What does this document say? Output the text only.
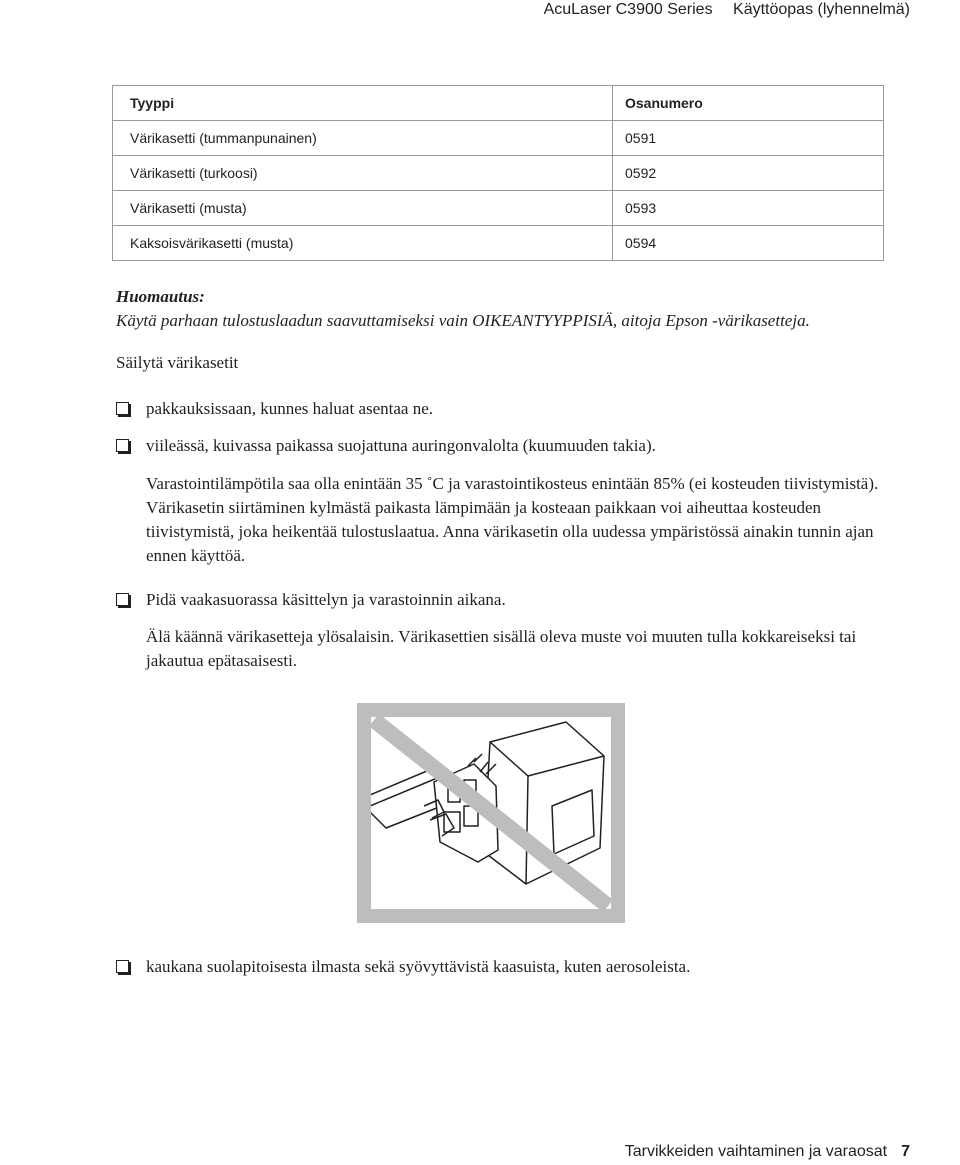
AcuLaser C3900 Series Käyttöopas (lyhennelmä)
Tyyppi	Osanumero
Värikasetti (tummanpunainen)	0591
Värikasetti (turkoosi)	0592
Värikasetti (musta)	0593
Kaksoisvärikasetti (musta)	0594
Huomautus:
Käytä parhaan tulostuslaadun saavuttamiseksi vain OIKEANTYYPPISIÄ, aitoja Epson -värikasetteja.
Säilytä värikasetit
pakkauksissaan, kunnes haluat asentaa ne.
viileässä, kuivassa paikassa suojattuna auringonvalolta (kuumuuden takia).
Varastointilämpötila saa olla enintään 35 ˚C ja varastointikosteus enintään 85% (ei kosteuden tiivistymistä). Värikasetin siirtäminen kylmästä paikasta lämpimään ja kosteaan paikkaan voi aiheuttaa kosteuden tiivistymistä, joka heikentää tulostuslaatua. Anna värikasetin olla uudessa ympäristössä ainakin tunnin ajan ennen käyttöä.
Pidä vaakasuorassa käsittelyn ja varastoinnin aikana.
Älä käännä värikasetteja ylösalaisin. Värikasettien sisällä oleva muste voi muuten tulla kokkareiseksi tai jakautua epätasaisesti.
kaukana suolapitoisesta ilmasta sekä syövyttävistä kaasuista, kuten aerosoleista.
Tarvikkeiden vaihtaminen ja varaosat 7
